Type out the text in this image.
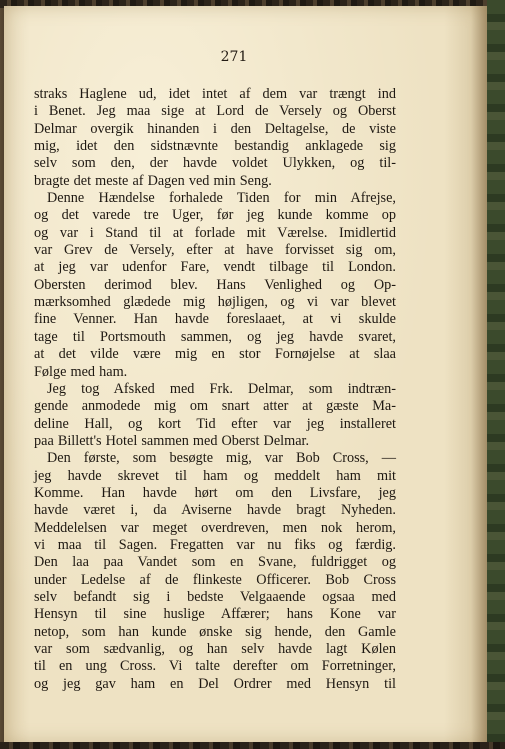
271

straks Haglene ud, idet intet af dem var trængt ind
i Benet. Jeg maa sige at Lord de Versely og Oberst
Delmar overgik hinanden i den Deltagelse, de viste
mig, idet den sidstnævnte bestandig anklagede sig
selv som den, der havde voldet Ulykken, og til-
bragte det meste af Dagen ved min Seng.
Denne Hændelse forhalede Tiden for min Afrejse,
og det varede tre Uger, før jeg kunde komme op
og var i Stand til at forlade mit Værelse. Imidlertid
var Grev de Versely, efter at have forvisset sig om,
at jeg var udenfor Fare, vendt tilbage til London.
Obersten derimod blev. Hans Venlighed og Op-
mærksomhed glædede mig højligen, og vi var blevet
fine Venner. Han havde foreslaaet, at vi skulde
tage til Portsmouth sammen, og jeg havde svaret,
at det vilde være mig en stor Fornøjelse at slaa
Følge med ham.
Jeg tog Afsked med Frk. Delmar, som indtræn-
gende anmodede mig om snart atter at gæste Ma-
deline Hall, og kort Tid efter var jeg installeret
paa Billett's Hotel sammen med Oberst Delmar.
Den første, som besøgte mig, var Bob Cross, —
jeg havde skrevet til ham og meddelt ham mit
Komme. Han havde hørt om den Livsfare, jeg
havde været i, da Aviserne havde bragt Nyheden.
Meddelelsen var meget overdreven, men nok herom,
vi maa til Sagen. Fregatten var nu fiks og færdig.
Den laa paa Vandet som en Svane, fuldrigget og
under Ledelse af de flinkeste Officerer. Bob Cross
selv befandt sig i bedste Velgaaende ogsaa med
Hensyn til sine huslige Affærer; hans Kone var
netop, som han kunde ønske sig hende, den Gamle
var som sædvanlig, og han selv havde lagt Kølen
til en ung Cross. Vi talte derefter om Forretninger,
og jeg gav ham en Del Ordrer med Hensyn til
